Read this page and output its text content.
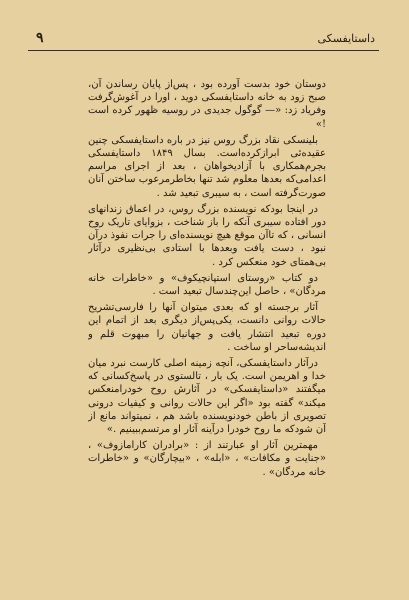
۹	داستایفسکی

دوستان خود بدست آورده بود ، پس‌از پایان رساندن آن، صبح زود به خانه داستایفسکی دوید ، اورا در آغوش‌گرفت وفریاد زد: «— گوگول جدیدی در روسیه ظهور کرده است !»

بلینسکی نقاد بزرگ روس نیز در باره داستایفسکی چنین عقیده‌ئی ابرازکرده‌است. بسال ۱۸۴۹ داستایفسکی بجرم‌همکاری با آزادیخواهان ، بعد از اجرای مراسم اعدامی‌که بعدها معلوم شد تنها بخاطرمرعوب ساختن آنان صورت‌گرفته است ، به سیبری تبعید شد .

در اینجا بودکه نویسنده بزرگ روس، در اعماق زندانهای دور افتاده سیبری آنکه را باز شناخت ، بزوایای تاریک روح انسانی ، که تاآن موقع هیچ نویسنده‌ای را جرات نفوذ درآن نبود ، دست یافت وبعدها با استادی بی‌نظیری درآثار بی‌همتای خود منعکس کرد .

دو کتاب «روستای استپانچیکوف» و «خاطرات خانه مردگان» ، حاصل این‌چندسال تبعید است .

آثار برجسته او که بعدی میتوان آنها را فارسی‌تشریح حالات روانی دانست، یکی‌پس‌از دیگری بعد از اتمام این دوره تبعید انتشار یافت و جهانیان را مبهوت قلم و اندیشه‌ساحر او ساخت .

درآثار داستایفسکی، آنچه زمینه اصلی کارست نبرد میان خدا و اهریمن است. یک بار ، تالستوی در پاسخ‌کسانی که میگفتند «داستایفسکی» در آثارش روح خودرامنعکس میکند» گفته بود «اگر این حالات روانی و کیفیات درونی تصویری از باطن خودنویسنده باشد هم ، نمیتواند مانع از آن شودکه ما روح خودرا درآینه آثار او مرتسم‌ببینیم .»

مهمترین آثار او عبارتند از : «برادران کارامازوف» ، «جنایت و مکافات» ، «ابله» ، «بیچارگان» و «خاطرات خانه مردگان» .
